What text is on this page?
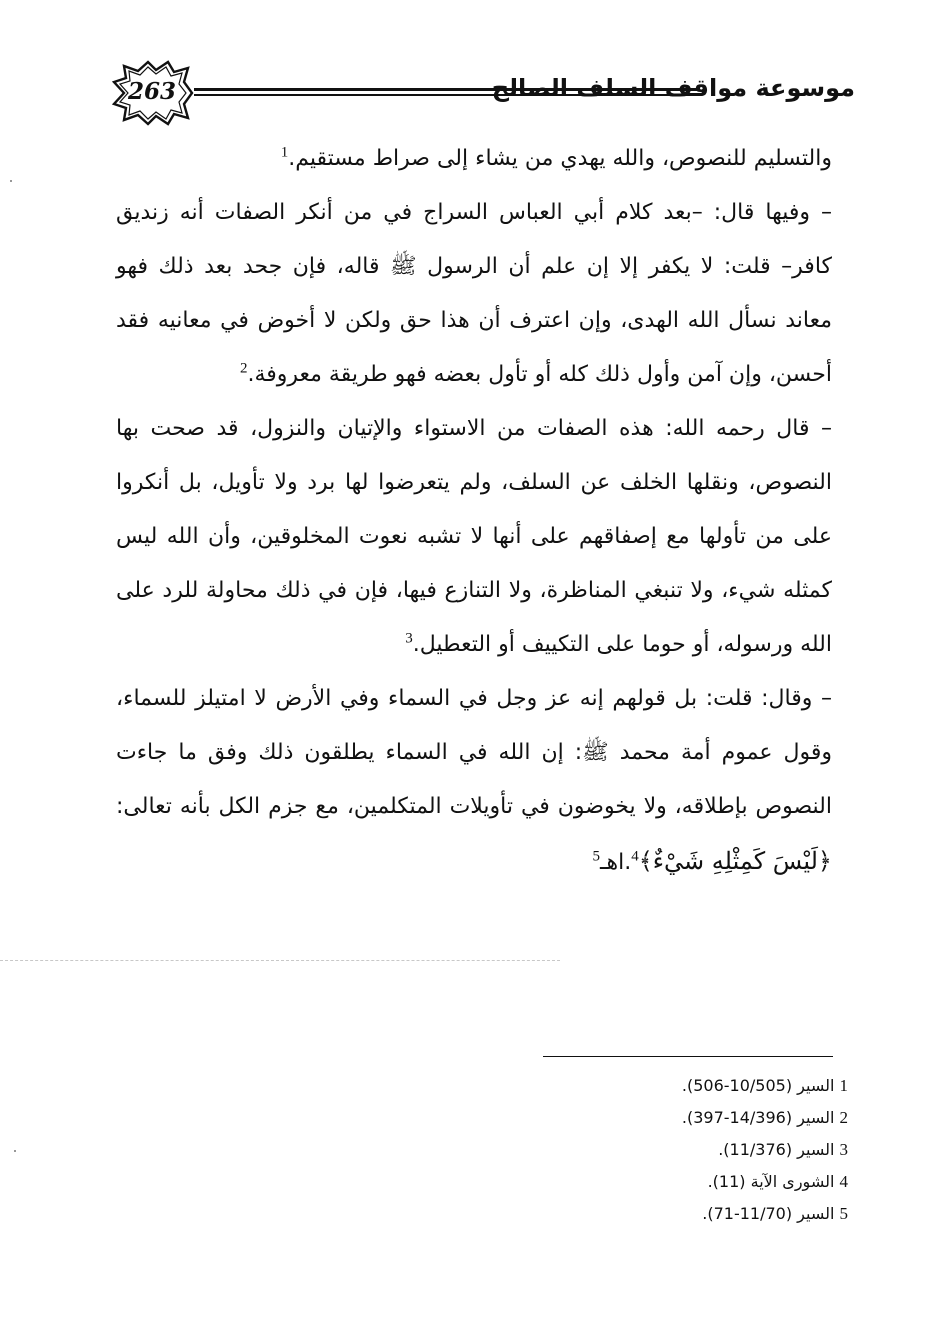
263	موسوعة مواقف السلف الصالح

والتسليم للنصوص، والله يهدي من يشاء إلى صراط مستقيم.$^1$

– وفيها قال: –بعد كلام أبي العباس السراج في من أنكر الصفات أنه زنديق كافر– قلت: لا يكفر إلا إن علم أن الرسول ﷺ قاله، فإن جحد بعد ذلك فهو معاند نسأل الله الهدى، وإن اعترف أن هذا حق ولكن لا أخوض في معانيه فقد أحسن، وإن آمن وأول ذلك كله أو تأول بعضه فهو طريقة معروفة.$^2$

– قال رحمه الله: هذه الصفات من الاستواء والإتيان والنزول، قد صحت بها النصوص، ونقلها الخلف عن السلف، ولم يتعرضوا لها برد ولا تأويل، بل أنكروا على من تأولها مع إصفاقهم على أنها لا تشبه نعوت المخلوقين، وأن الله ليس كمثله شيء، ولا تنبغي المناظرة، ولا التنازع فيها، فإن في ذلك محاولة للرد على الله ورسوله، أو حوما على التكييف أو التعطيل.$^3$

– وقال: قلت: بل قولهم إنه عز وجل في السماء وفي الأرض لا امتيلز للسماء، وقول عموم أمة محمد ﷺ: إن الله في السماء يطلقون ذلك وفق ما جاءت النصوص بإطلاقه، ولا يخوضون في تأويلات المتكلمين، مع جزم الكل بأنه تعالى: ﴿لَيْسَ كَمِثْلِهِ شَيْءٌ﴾$^4$.اهـ$^5$

1 السير (10/505-506).
2 السير (14/396-397).
3 السير (11/376).
4 الشورى الآية (11).
5 السير (11/70-71).
